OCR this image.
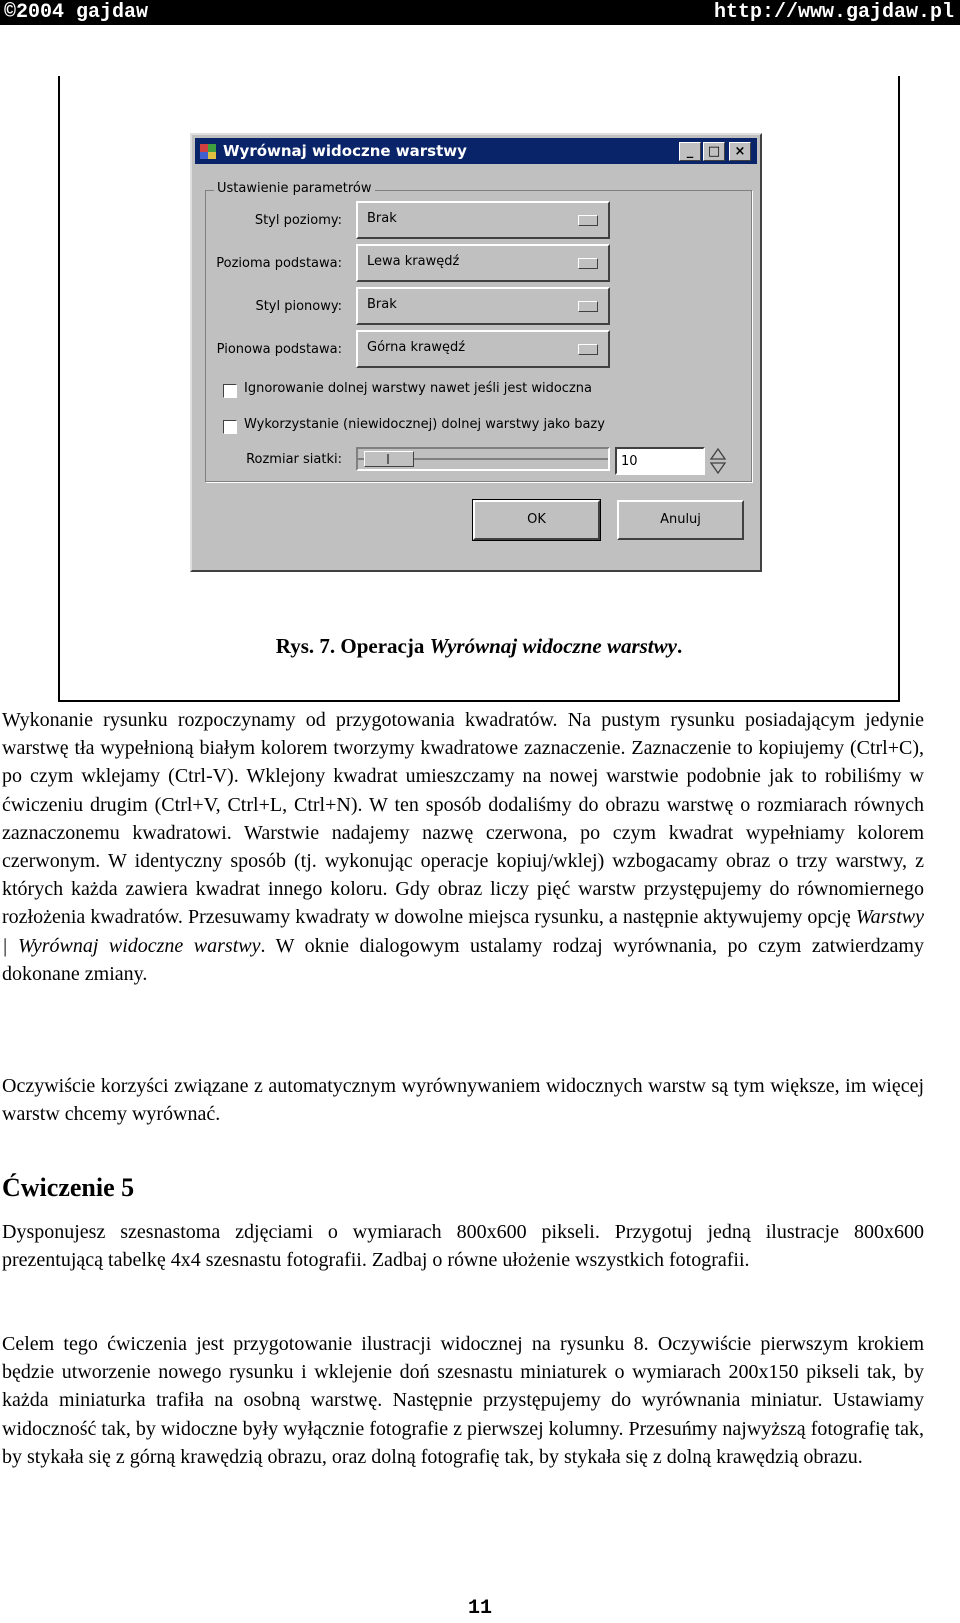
©2004 gajdaw	http://www.gajdaw.pl
Wyrównaj widoczne warstwy	_	□	×
Ustawienie parametrów
Styl poziomy: Brak
Pozioma podstawa: Lewa krawędź
Styl pionowy: Brak
Pionowa podstawa: Górna krawędź
Ignorowanie dolnej warstwy nawet jeśli jest widoczna
Wykorzystanie (niewidocznej) dolnej warstwy jako bazy
Rozmiar siatki:	10
OK	Anuluj
Rys. 7. Operacja Wyrównaj widoczne warstwy.

Wykonanie rysunku rozpoczynamy od przygotowania kwadratów. Na pustym rysunku posiadającym jedynie warstwę tła wypełnioną białym kolorem tworzymy kwadratowe zaznaczenie. Zaznaczenie to kopiujemy (Ctrl+C), po czym wklejamy (Ctrl-V). Wklejony kwadrat umieszczamy na nowej warstwie podobnie jak to robiliśmy w ćwiczeniu drugim (Ctrl+V, Ctrl+L, Ctrl+N). W ten sposób dodaliśmy do obrazu warstwę o rozmiarach równych zaznaczonemu kwadratowi. Warstwie nadajemy nazwę czerwona, po czym kwadrat wypełniamy kolorem czerwonym. W identyczny sposób (tj. wykonując operacje kopiuj/wklej) wzbogacamy obraz o trzy warstwy, z których każda zawiera kwadrat innego koloru. Gdy obraz liczy pięć warstw przystępujemy do równomiernego rozłożenia kwadratów. Przesuwamy kwadraty w dowolne miejsca rysunku, a następnie aktywujemy opcję Warstwy | Wyrównaj widoczne warstwy. W oknie dialogowym ustalamy rodzaj wyrównania, po czym zatwierdzamy dokonane zmiany.

Oczywiście korzyści związane z automatycznym wyrównywaniem widocznych warstw są tym większe, im więcej warstw chcemy wyrównać.

Ćwiczenie 5

Dysponujesz szesnastoma zdjęciami o wymiarach 800x600 pikseli. Przygotuj jedną ilustracje 800x600 prezentującą tabelkę 4x4 szesnastu fotografii. Zadbaj o równe ułożenie wszystkich fotografii.

Celem tego ćwiczenia jest przygotowanie ilustracji widocznej na rysunku 8. Oczywiście pierwszym krokiem będzie utworzenie nowego rysunku i wklejenie doń szesnastu miniaturek o wymiarach 200x150 pikseli tak, by każda miniaturka trafiła na osobną warstwę. Następnie przystępujemy do wyrównania miniatur. Ustawiamy widoczność tak, by widoczne były wyłącznie fotografie z pierwszej kolumny. Przesuńmy najwyższą fotografię tak, by stykała się z górną krawędzią obrazu, oraz dolną fotografię tak, by stykała się z dolną krawędzią obrazu.

11
